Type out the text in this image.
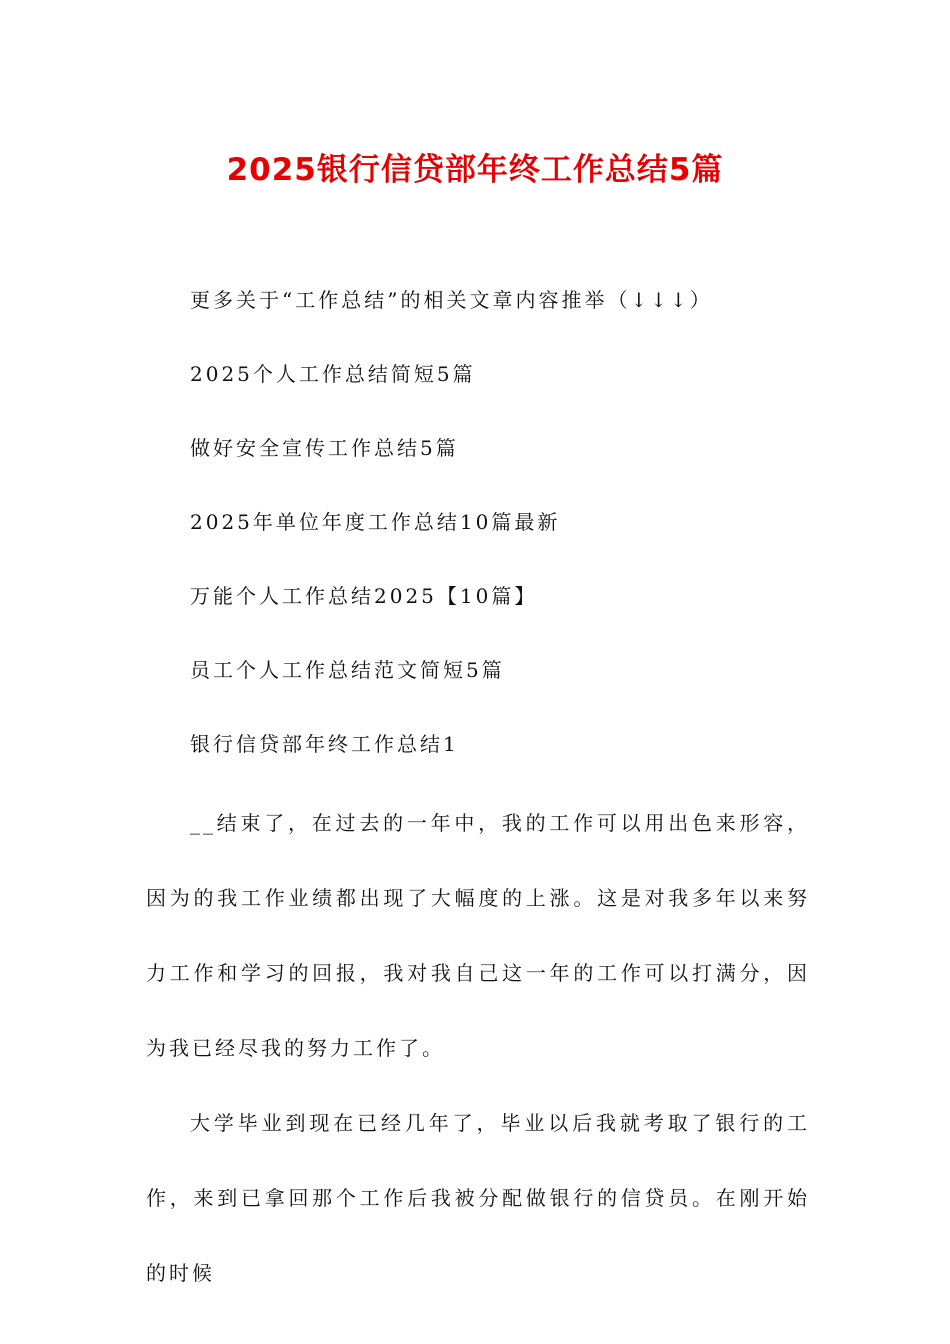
2025银行信贷部年终工作总结5篇
更多关于“工作总结”的相关文章内容推举（↓↓↓）
2025个人工作总结简短5篇
做好安全宣传工作总结5篇
2025年单位年度工作总结10篇最新
万能个人工作总结2025【10篇】
员工个人工作总结范文简短5篇
银行信贷部年终工作总结1

__结束了，在过去的一年中，我的工作可以用出色来形容，因为的我工作业绩都出现了大幅度的上涨。这是对我多年以来努力工作和学习的回报，我对我自己这一年的工作可以打满分，因为我已经尽我的努力工作了。

大学毕业到现在已经几年了，毕业以后我就考取了银行的工作，来到已拿回那个工作后我被分配做银行的信贷员。在刚开始的时候
